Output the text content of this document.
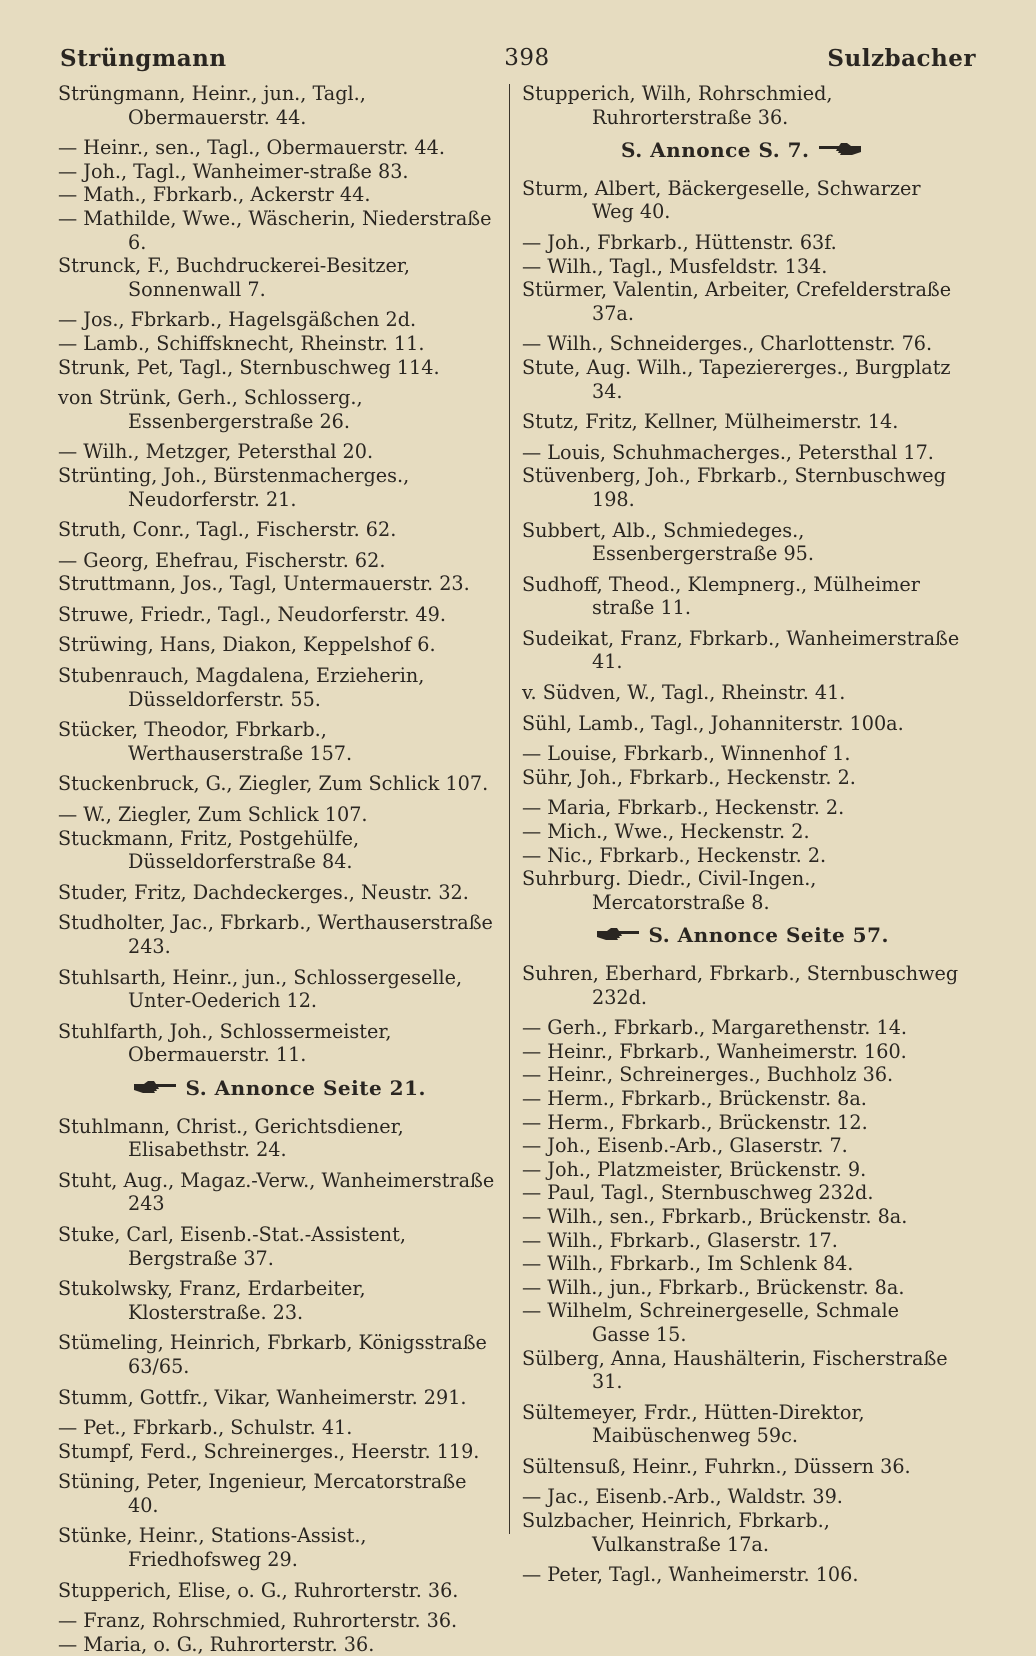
Strüngmann	398	Sulzbacher
Strüngmann, Heinr., jun., Tagl., Obermauerstr. 44.
— Heinr., sen., Tagl., Obermauerstr. 44.
— Joh., Tagl., Wanheimer-straße 83.
— Math., Fbrkarb., Ackerstr 44.
— Mathilde, Wwe., Wäscherin, Niederstraße 6.
Strunck, F., Buchdruckerei-Besitzer, Sonnenwall 7.
— Jos., Fbrkarb., Hagelsgäßchen 2d.
— Lamb., Schiffsknecht, Rheinstr. 11.
Strunk, Pet, Tagl., Sternbuschweg 114.
von Strünk, Gerh., Schlosserg., Essenbergerstraße 26.
— Wilh., Metzger, Petersthal 20.
Strünting, Joh., Bürstenmacherges., Neudorferstr. 21.
Struth, Conr., Tagl., Fischerstr. 62.
— Georg, Ehefrau, Fischerstr. 62.
Struttmann, Jos., Tagl, Untermauerstr. 23.
Struwe, Friedr., Tagl., Neudorferstr. 49.
Strüwing, Hans, Diakon, Keppelshof 6.
Stubenrauch, Magdalena, Erzieherin, Düsseldorferstr. 55.
Stücker, Theodor, Fbrkarb., Werthauserstraße 157.
Stuckenbruck, G., Ziegler, Zum Schlick 107.
— W., Ziegler, Zum Schlick 107.
Stuckmann, Fritz, Postgehülfe, Düsseldorferstraße 84.
Studer, Fritz, Dachdeckerges., Neustr. 32.
Studholter, Jac., Fbrkarb., Werthauserstraße 243.
Stuhlsarth, Heinr., jun., Schlossergeselle, Unter-Oederich 12.
Stuhlfarth, Joh., Schlossermeister, Obermauerstr. 11.
S. Annonce Seite 21.
Stuhlmann, Christ., Gerichtsdiener, Elisabethstr. 24.
Stuht, Aug., Magaz.-Verw., Wanheimerstraße 243
Stuke, Carl, Eisenb.-Stat.-Assistent, Bergstraße 37.
Stukolwsky, Franz, Erdarbeiter, Klosterstraße. 23.
Stümeling, Heinrich, Fbrkarb, Königsstraße 63/65.
Stumm, Gottfr., Vikar, Wanheimerstr. 291.
— Pet., Fbrkarb., Schulstr. 41.
Stumpf, Ferd., Schreinerges., Heerstr. 119.
Stüning, Peter, Ingenieur, Mercatorstraße 40.
Stünke, Heinr., Stations-Assist., Friedhofsweg 29.
Stupperich, Elise, o. G., Ruhrorterstr. 36.
— Franz, Rohrschmied, Ruhrorterstr. 36.
— Maria, o. G., Ruhrorterstr. 36.
Stupperich, Wilh, Rohrschmied, Ruhrorterstraße 36.
S. Annonce S. 7.
Sturm, Albert, Bäckergeselle, Schwarzer Weg 40.
— Joh., Fbrkarb., Hüttenstr. 63f.
— Wilh., Tagl., Musfeldstr. 134.
Stürmer, Valentin, Arbeiter, Crefelderstraße 37a.
— Wilh., Schneiderges., Charlottenstr. 76.
Stute, Aug. Wilh., Tapeziererges., Burgplatz 34.
Stutz, Fritz, Kellner, Mülheimerstr. 14.
— Louis, Schuhmacherges., Petersthal 17.
Stüvenberg, Joh., Fbrkarb., Sternbuschweg 198.
Subbert, Alb., Schmiedeges., Essenbergerstraße 95.
Sudhoff, Theod., Klempnerg., Mülheimer straße 11.
Sudeikat, Franz, Fbrkarb., Wanheimerstraße 41.
v. Südven, W., Tagl., Rheinstr. 41.
Sühl, Lamb., Tagl., Johanniterstr. 100a.
— Louise, Fbrkarb., Winnenhof 1.
Sühr, Joh., Fbrkarb., Heckenstr. 2.
— Maria, Fbrkarb., Heckenstr. 2.
— Mich., Wwe., Heckenstr. 2.
— Nic., Fbrkarb., Heckenstr. 2.
Suhrburg. Diedr., Civil-Ingen., Mercatorstraße 8.
S. Annonce Seite 57.
Suhren, Eberhard, Fbrkarb., Sternbuschweg 232d.
— Gerh., Fbrkarb., Margarethenstr. 14.
— Heinr., Fbrkarb., Wanheimerstr. 160.
— Heinr., Schreinerges., Buchholz 36.
— Herm., Fbrkarb., Brückenstr. 8a.
— Herm., Fbrkarb., Brückenstr. 12.
— Joh., Eisenb.-Arb., Glaserstr. 7.
— Joh., Platzmeister, Brückenstr. 9.
— Paul, Tagl., Sternbuschweg 232d.
— Wilh., sen., Fbrkarb., Brückenstr. 8a.
— Wilh., Fbrkarb., Glaserstr. 17.
— Wilh., Fbrkarb., Im Schlenk 84.
— Wilh., jun., Fbrkarb., Brückenstr. 8a.
— Wilhelm, Schreinergeselle, Schmale Gasse 15.
Sülberg, Anna, Haushälterin, Fischerstraße 31.
Sültemeyer, Frdr., Hütten-Direktor, Maibüschenweg 59c.
Sültensuß, Heinr., Fuhrkn., Düssern 36.
— Jac., Eisenb.-Arb., Waldstr. 39.
Sulzbacher, Heinrich, Fbrkarb., Vulkanstraße 17a.
— Peter, Tagl., Wanheimerstr. 106.
